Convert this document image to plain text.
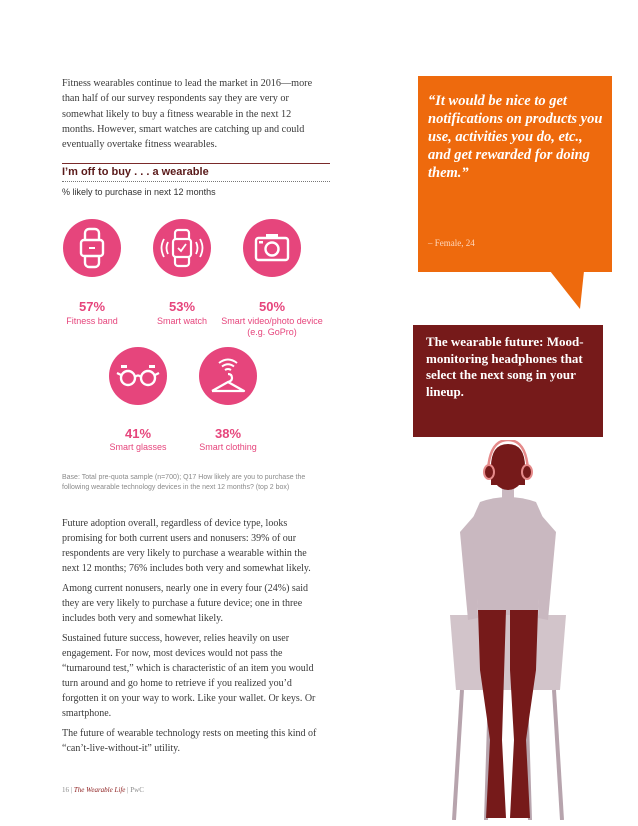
Fitness wearables continue to lead the market in 2016—more than half of our survey respondents say they are very or somewhat likely to buy a fitness wearable in the next 12 months. However, smart watches are catching up and could eventually overtake fitness wearables.

I’m off to buy . . . a wearable
% likely to purchase in next 12 months
57%
Fitness band
53%
Smart watch
50%
Smart video/photo device (e.g. GoPro)
41%
Smart glasses
38%
Smart clothing
Base: Total pre-quota sample (n=700); Q17 How likely are you to purchase the following wearable technology devices in the next 12 months? (top 2 box)

Future adoption overall, regardless of device type, looks promising for both current users and nonusers: 39% of our respondents are very likely to purchase a wearable within the next 12 months; 76% includes both very and somewhat likely.

Among current nonusers, nearly one in every four (24%) said they are very likely to purchase a future device; one in three includes both very and somewhat likely.

Sustained future success, however, relies heavily on user engagement. For now, most devices would not pass the “turnaround test,” which is characteristic of an item you would turn around and go home to retrieve if you realized you’d forgotten it on your way to work. Like your wallet. Or keys. Or smartphone.

The future of wearable technology rests on meeting this kind of “can’t-live-without-it” utility.

16 | The Wearable Life | PwC
“It would be nice to get notifications on products you use, activities you do, etc., and get rewarded for doing them.”
– Female, 24
The wearable future: Mood-monitoring headphones that select the next song in your lineup.
